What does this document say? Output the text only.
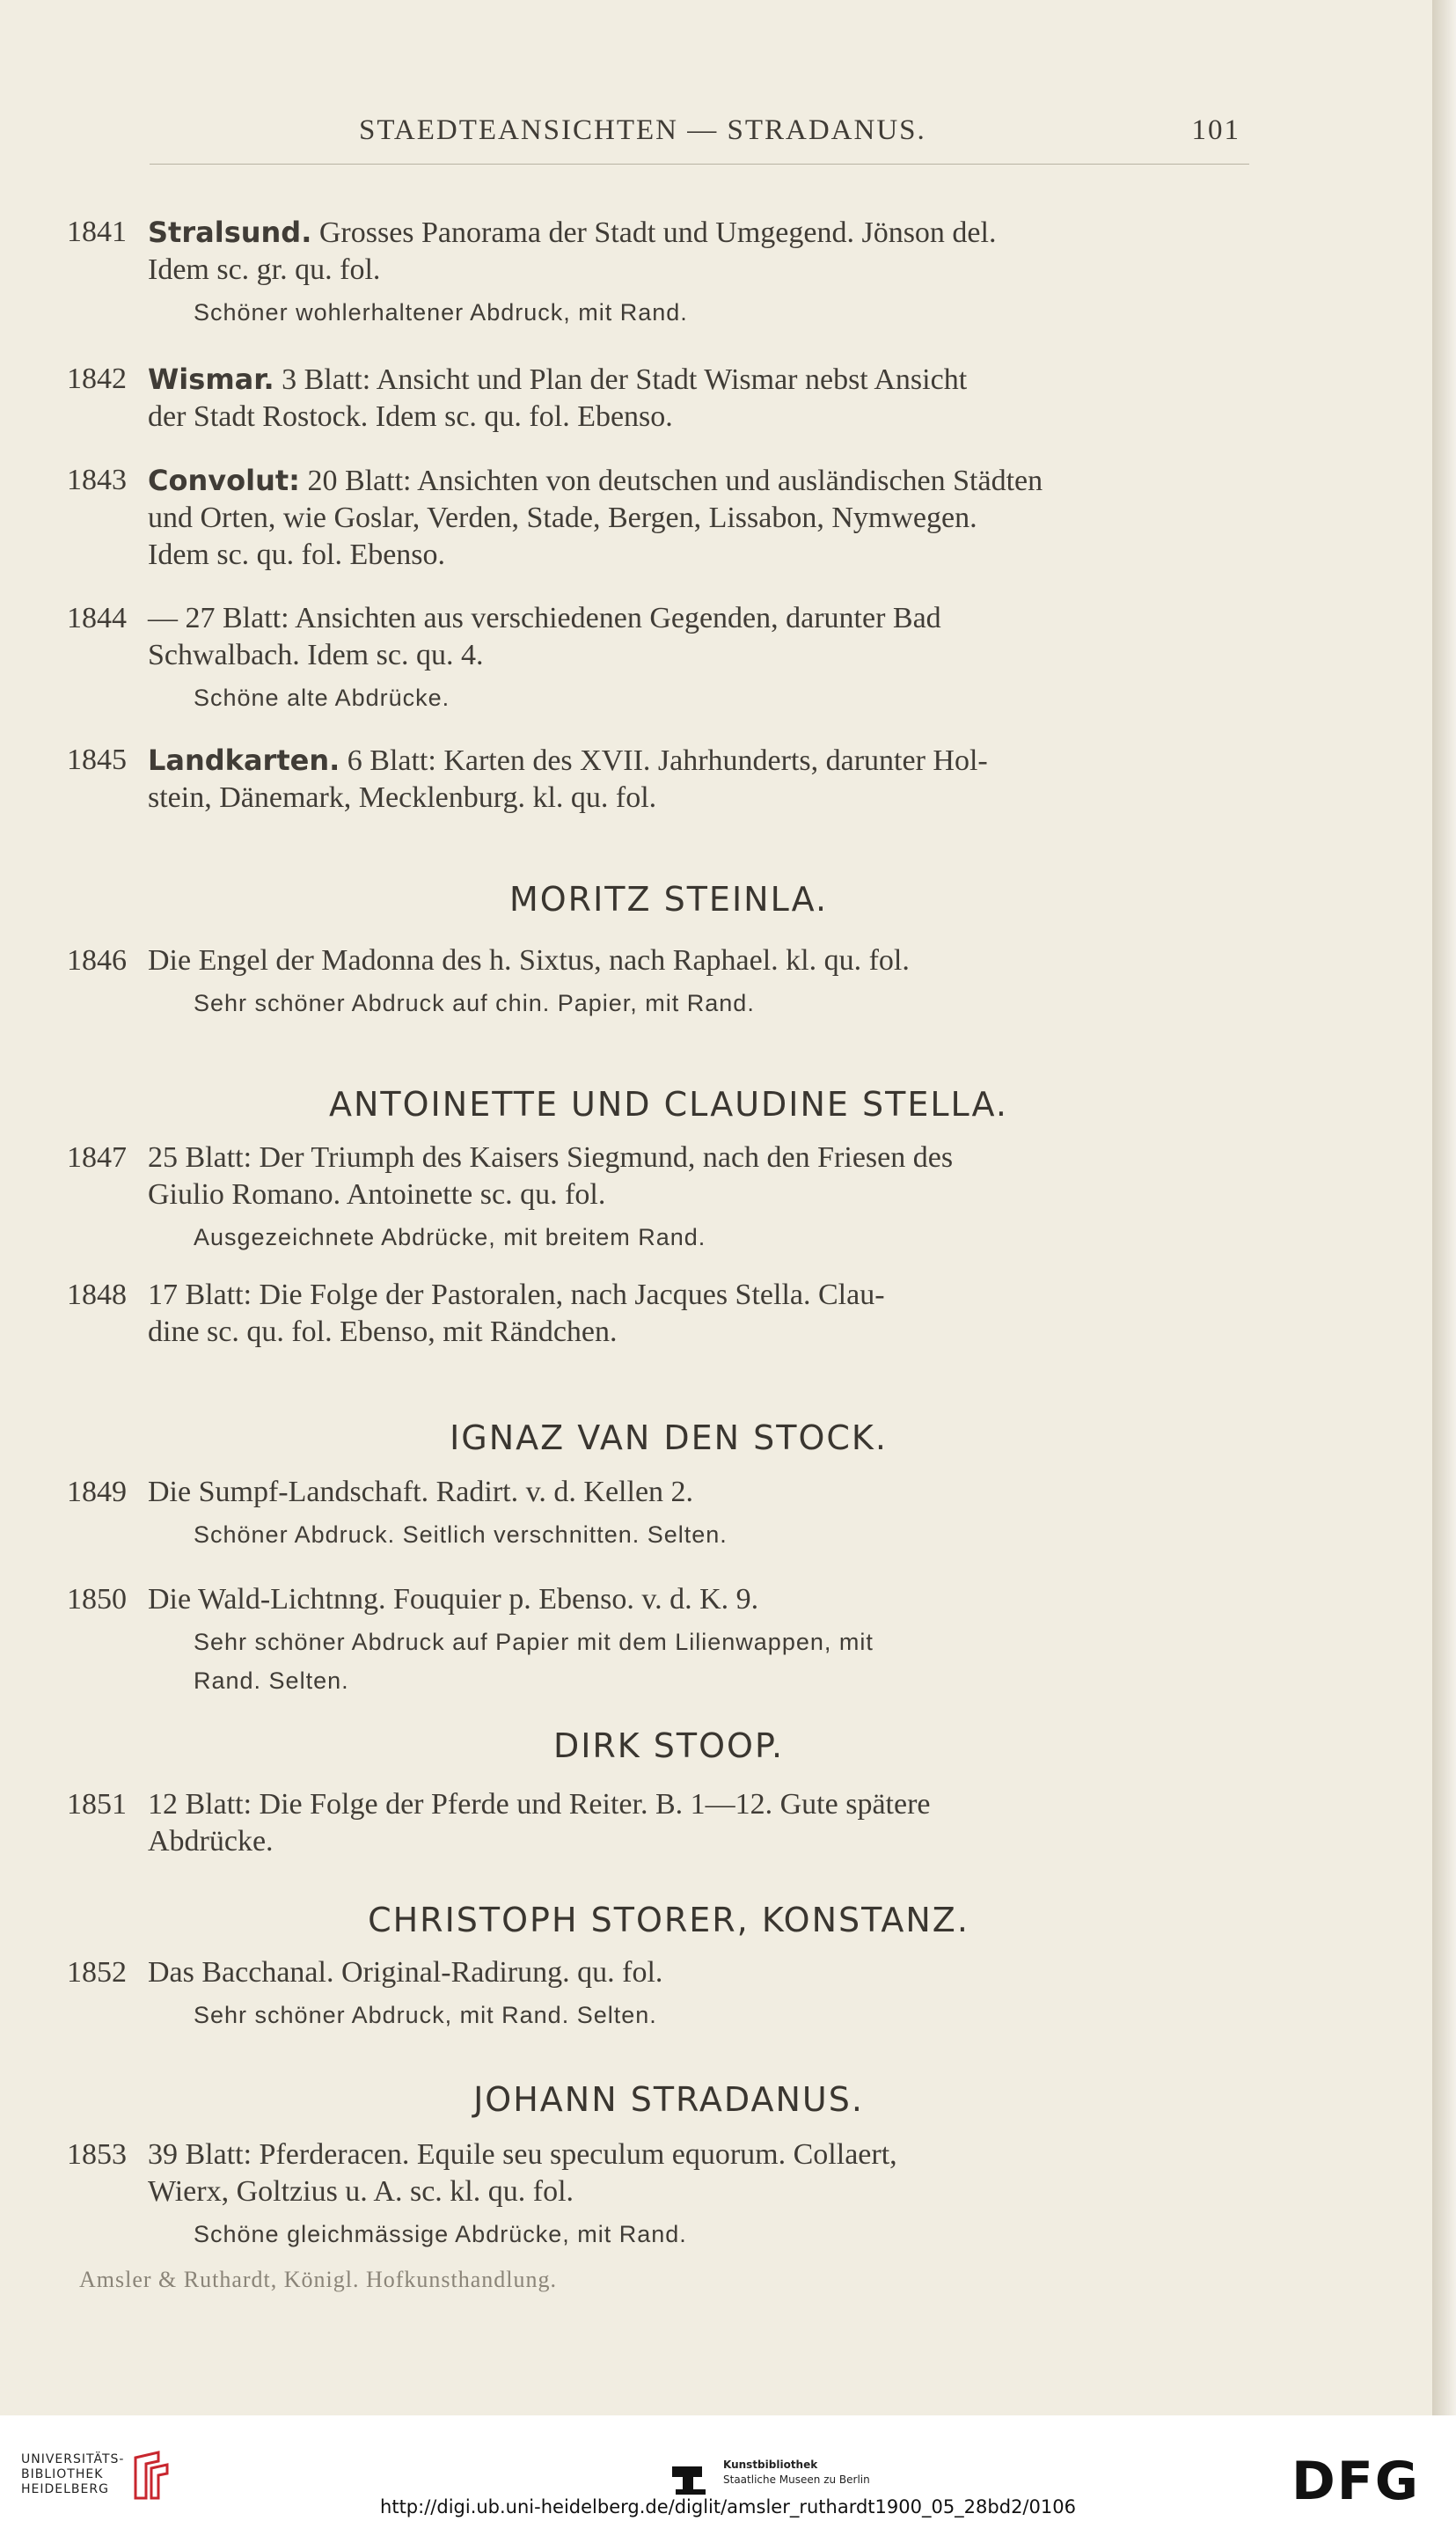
STAEDTEANSICHTEN — STRADANUS.	101
1841 Stralsund. Grosses Panorama der Stadt und Umgegend. Jönson del.
Idem sc. gr. qu. fol.
Schöner wohlerhaltener Abdruck, mit Rand.
1842 Wismar. 3 Blatt: Ansicht und Plan der Stadt Wismar nebst Ansicht
der Stadt Rostock. Idem sc. qu. fol. Ebenso.
1843 Convolut: 20 Blatt: Ansichten von deutschen und ausländischen Städten
und Orten, wie Goslar, Verden, Stade, Bergen, Lissabon, Nymwegen.
Idem sc. qu. fol. Ebenso.
1844 — 27 Blatt: Ansichten aus verschiedenen Gegenden, darunter Bad
Schwalbach. Idem sc. qu. 4.
Schöne alte Abdrücke.
1845 Landkarten. 6 Blatt: Karten des XVII. Jahrhunderts, darunter Hol-
stein, Dänemark, Mecklenburg. kl. qu. fol.
MORITZ STEINLA.
1846 Die Engel der Madonna des h. Sixtus, nach Raphael. kl. qu. fol.
Sehr schöner Abdruck auf chin. Papier, mit Rand.
ANTOINETTE UND CLAUDINE STELLA.
1847 25 Blatt: Der Triumph des Kaisers Siegmund, nach den Friesen des
Giulio Romano. Antoinette sc. qu. fol.
Ausgezeichnete Abdrücke, mit breitem Rand.
1848 17 Blatt: Die Folge der Pastoralen, nach Jacques Stella. Clau-
dine sc. qu. fol. Ebenso, mit Rändchen.
IGNAZ VAN DEN STOCK.
1849 Die Sumpf-Landschaft. Radirt. v. d. Kellen 2.
Schöner Abdruck. Seitlich verschnitten. Selten.
1850 Die Wald-Lichtnng. Fouquier p. Ebenso. v. d. K. 9.
Sehr schöner Abdruck auf Papier mit dem Lilienwappen, mit
Rand. Selten.
DIRK STOOP.
1851 12 Blatt: Die Folge der Pferde und Reiter. B. 1—12. Gute spätere
Abdrücke.
CHRISTOPH STORER, KONSTANZ.
1852 Das Bacchanal. Original-Radirung. qu. fol.
Sehr schöner Abdruck, mit Rand. Selten.
JOHANN STRADANUS.
1853 39 Blatt: Pferderacen. Equile seu speculum equorum. Collaert,
Wierx, Goltzius u. A. sc. kl. qu. fol.
Schöne gleichmässige Abdrücke, mit Rand.
Amsler & Ruthardt, Königl. Hofkunsthandlung.
UNIVERSITÄTS-
BIBLIOTHEK
HEIDELBERG
Kunstbibliothek
Staatliche Museen zu Berlin	DFG
http://digi.ub.uni-heidelberg.de/diglit/amsler_ruthardt1900_05_28bd2/0106
